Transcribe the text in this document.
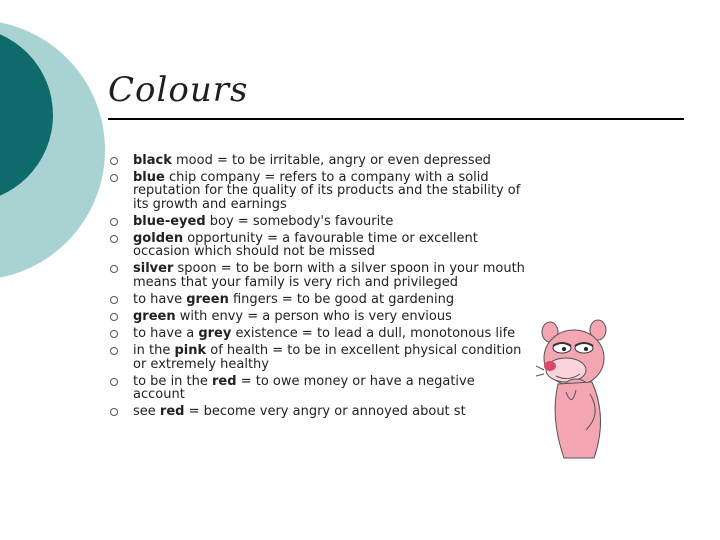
Colours
black mood = to be irritable, angry or even depressed
blue chip company = refers to a company with a solid reputation for the quality of its products and the stability of its growth and earnings
blue-eyed boy = somebody's favourite
golden opportunity = a favourable time or excellent occasion which should not be missed
silver spoon = to be born with a silver spoon in your mouth means that your family is very rich and privileged
to have green fingers = to be good at gardening
green with envy = a person who is very envious
to have a grey existence = to lead a dull, monotonous life
in the pink of health = to be in excellent physical condition or extremely healthy
to be in the red = to owe money or have a negative account
see red = become very angry or annoyed about st
